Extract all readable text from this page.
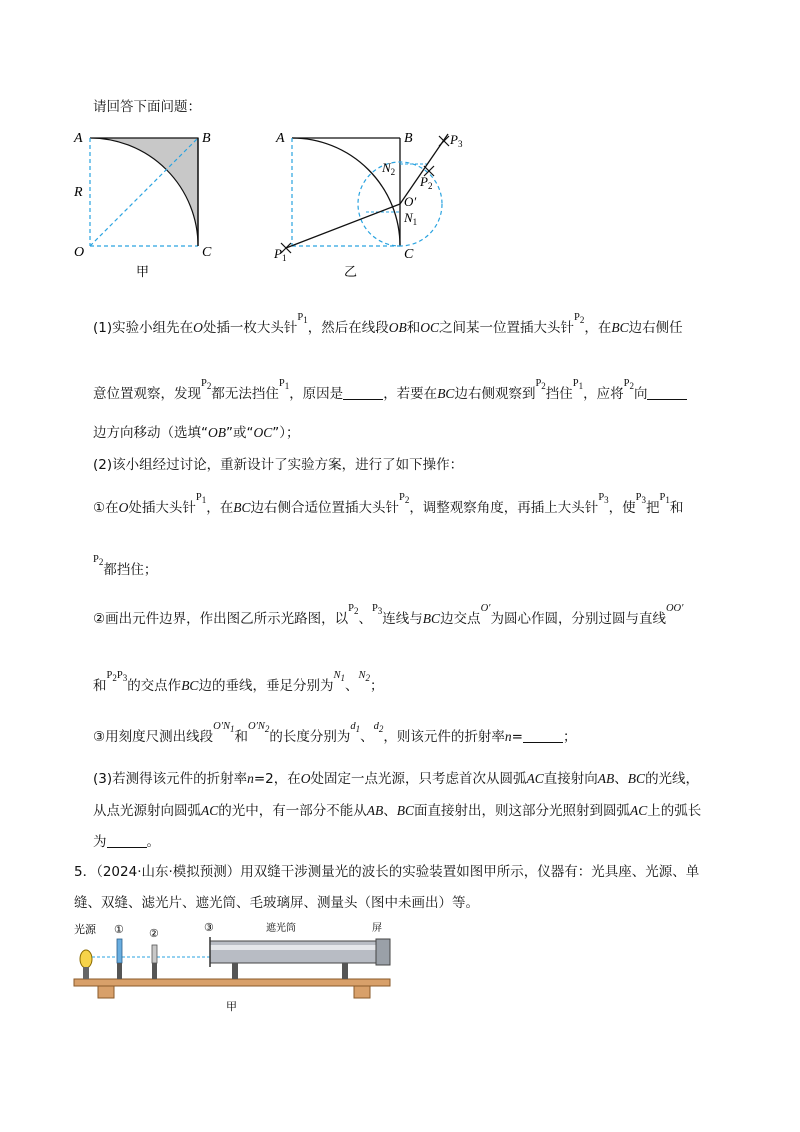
请回答下面问题：
A	B
R
O	C
甲
A	B	$P_3$
$N_2$
$P_2$
O′
$N_1$
$P_1$	C
乙
(1)实验小组先在O处插一枚大头针$^{P1}$，然后在线段OB和OC之间某一位置插大头针$^{P2}$，在BC边右侧任
意位置观察，发现$^{P2}$都无法挡住$^{P1}$，原因是	，若要在BC边右侧观察到$^{P2}$挡住$^{P1}$，应将$^{P2}$向
边方向移动（选填“OB”或“OC”）；
(2)该小组经过讨论，重新设计了实验方案，进行了如下操作：
①在O处插大头针$^{P1}$，在BC边右侧合适位置插大头针$^{P2}$，调整观察角度，再插上大头针$^{P3}$，使$^{P3}$把$^{P1}$和
$^{P2}$都挡住；
②画出元件边界，作出图乙所示光路图，以$^{P2}$、$^{P3}$连线与BC边交点$^{O'}$为圆心作圆，分别过圆与直线$^{OO'}$
和$^{P2P3}$的交点作BC边的垂线，垂足分别为$^{N1}$、$^{N2}$；
③用刻度尺测出线段$^{O'N1}$和$^{O'N2}$的长度分别为$^{d1}$、$^{d2}$，则该元件的折射率n=	；
(3)若测得该元件的折射率n=2，在O处固定一点光源，只考虑首次从圆弧AC直接射向AB、BC的光线，
从点光源射向圆弧AC的光中，有一部分不能从AB、BC面直接射出，则这部分光照射到圆弧AC上的弧长
为	。
5．（2024·山东·模拟预测）用双缝干涉测量光的波长的实验装置如图甲所示，仪器有：光具座、光源、单
缝、双缝、滤光片、遮光筒、毛玻璃屏、测量头（图中未画出）等。
光源 ① ②	③	遮光筒	屏
甲
